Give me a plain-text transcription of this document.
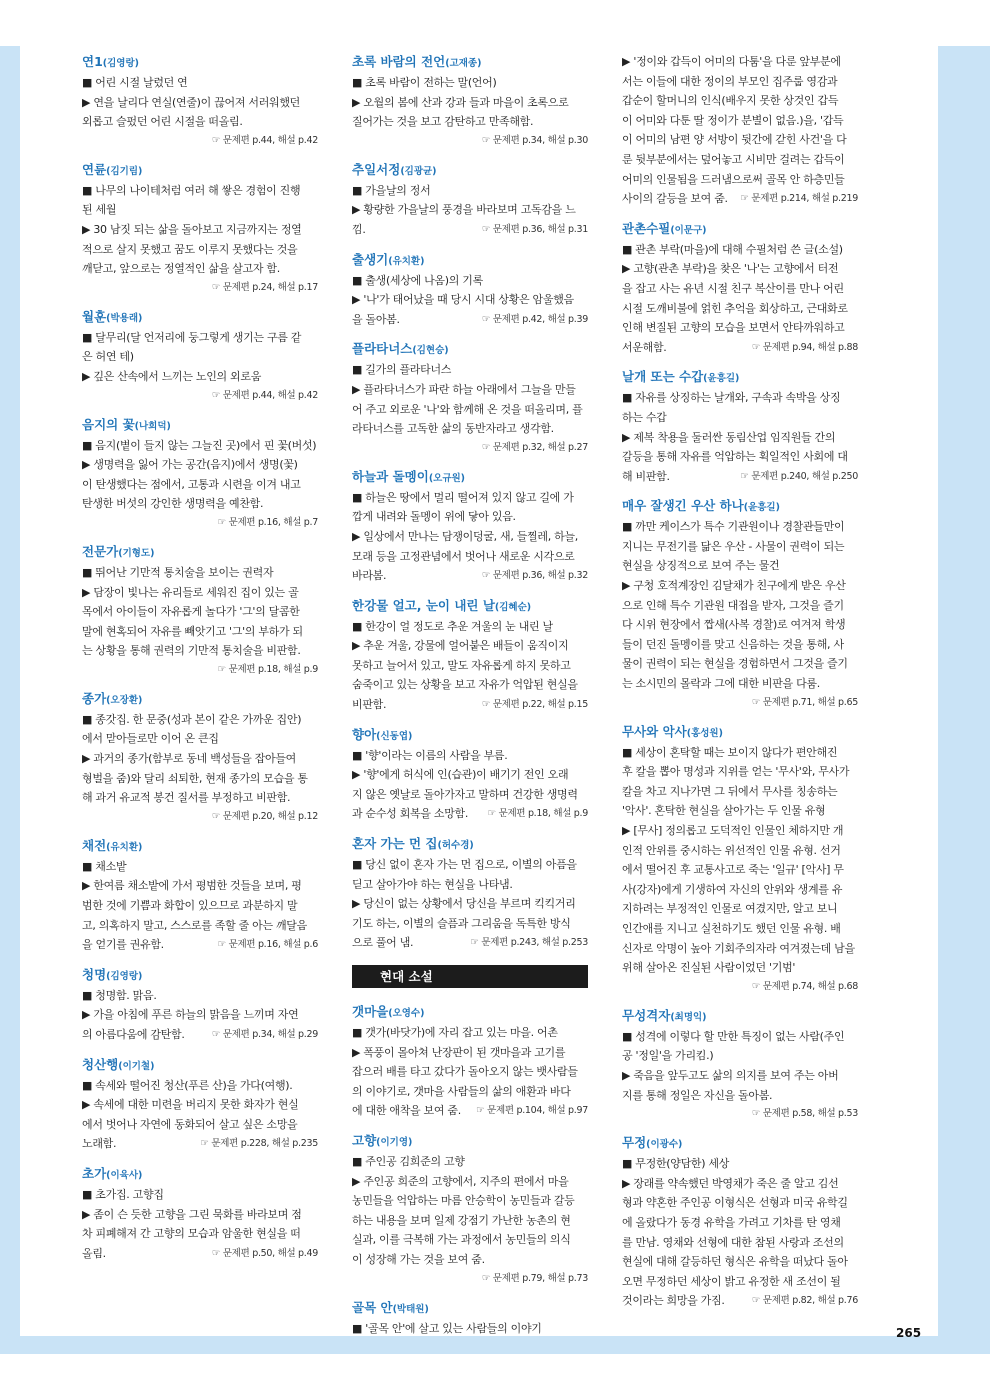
연1(김영랑)
■ 어린 시절 날렸던 연
▶ 연을 날리다 연실(연줄)이 끊어져 서러워했던
외롭고 슬펐던 어린 시절을 떠올림.
☞ 문제편 p.44, 해설 p.42
연륜(김기림)
■ 나무의 나이테처럼 여러 해 쌓은 경험이 진행
된 세월
▶ 30 남짓 되는 삶을 돌아보고 지금까지는 정열
적으로 살지 못했고 꿈도 이루지 못했다는 것을
깨닫고, 앞으로는 정열적인 삶을 살고자 함.
☞ 문제편 p.24, 해설 p.17
월훈(박용래)
■ 달무리(달 언저리에 둥그렇게 생기는 구름 같
은 허연 테)
▶ 깊은 산속에서 느끼는 노인의 외로움
☞ 문제편 p.44, 해설 p.42
음지의 꽃(나희덕)
■ 음지(볕이 들지 않는 그늘진 곳)에서 핀 꽃(버섯)
▶ 생명력을 잃어 가는 공간(음지)에서 생명(꽃)
이 탄생했다는 점에서, 고통과 시련을 이겨 내고
탄생한 버섯의 강인한 생명력을 예찬함.
☞ 문제편 p.16, 해설 p.7
전문가(기형도)
■ 뛰어난 기만적 통치술을 보이는 권력자
▶ 담장이 빛나는 유리들로 세워진 집이 있는 골
목에서 아이들이 자유롭게 놀다가 '그'의 달콤한
말에 현혹되어 자유를 빼앗기고 '그'의 부하가 되
는 상황을 통해 권력의 기만적 통치술을 비판함.
☞ 문제편 p.18, 해설 p.9
종가(오장환)
■ 종갓집. 한 문중(성과 본이 같은 가까운 집안)
에서 맏아들로만 이어 온 큰집
▶ 과거의 종가(함부로 동네 백성들을 잡아들여
형벌을 줌)와 달리 쇠퇴한, 현재 종가의 모습을 통
해 과거 유교적 봉건 질서를 부정하고 비판함.
☞ 문제편 p.20, 해설 p.12
채전(유치환)
■ 채소밭
▶ 한여름 채소밭에 가서 평범한 것들을 보며, 평
범한 것에 기쁨과 화합이 있으므로 과분하지 말
고, 의혹하지 말고, 스스로를 족할 줄 아는 깨달음
☞ 문제편 p.16, 해설 p.6
을 얻기를 권유함.
청명(김영랑)
■ 청명함. 맑음.
▶ 가을 아침에 푸른 하늘의 맑음을 느끼며 자연
☞ 문제편 p.34, 해설 p.29
의 아름다움에 감탄함.
청산행(이기철)
■ 속세와 떨어진 청산(푸른 산)을 가다(여행).
▶ 속세에 대한 미련을 버리지 못한 화자가 현실
에서 벗어나 자연에 동화되어 살고 싶은 소망을
☞ 문제편 p.228, 해설 p.235
노래함.
초가(이육사)
■ 초가집. 고향집
▶ 좀이 슨 듯한 고향을 그린 묵화를 바라보며 점
차 피폐해져 간 고향의 모습과 암울한 현실을 떠
☞ 문제편 p.50, 해설 p.49
올림.
초록 바람의 전언(고재종)
■ 초록 바람이 전하는 말(언어)
▶ 오월의 봄에 산과 강과 들과 마을이 초록으로
질어가는 것을 보고 감탄하고 만족해함.
☞ 문제편 p.34, 해설 p.30
추일서정(김광균)
■ 가을날의 정서
▶ 황량한 가을날의 풍경을 바라보며 고독감을 느
☞ 문제편 p.36, 해설 p.31
낌.
출생기(유치환)
■ 출생(세상에 나옴)의 기록
▶ '나'가 태어났을 때 당시 시대 상황은 암울했음
☞ 문제편 p.42, 해설 p.39
을 돌아봄.
플라타너스(김현승)
■ 길가의 플라타너스
▶ 플라타너스가 파란 하늘 아래에서 그늘을 만들
어 주고 외로운 '나'와 함께해 온 것을 떠올리며, 플
라타너스를 고독한 삶의 동반자라고 생각함.
☞ 문제편 p.32, 해설 p.27
하늘과 돌멩이(오규원)
■ 하늘은 땅에서 멀리 떨어져 있지 않고 길에 가
깝게 내려와 돌멩이 위에 닿아 있음.
▶ 일상에서 만나는 담쟁이덩굴, 새, 들찔레, 하늘,
모래 등을 고정관념에서 벗어나 새로운 시각으로
☞ 문제편 p.36, 해설 p.32
바라봄.
한강물 얼고, 눈이 내린 날(김혜순)
■ 한강이 얼 정도로 추운 겨울의 눈 내린 날
▶ 추운 겨울, 강물에 얼어붙은 배들이 움직이지
못하고 늘어서 있고, 말도 자유롭게 하지 못하고
숨죽이고 있는 상황을 보고 자유가 억압된 현실을
☞ 문제편 p.22, 해설 p.15
비판함.
향아(신동엽)
■ '향'이라는 이름의 사람을 부름.
▶ '향'에게 허식에 인(습관)이 배기기 전인 오래
지 않은 옛날로 돌아가자고 말하며 건강한 생명력
☞ 문제편 p.18, 해설 p.9
과 순수성 회복을 소망함.
혼자 가는 먼 집(허수경)
■ 당신 없이 혼자 가는 먼 집으로, 이별의 아픔을
딛고 살아가야 하는 현실을 나타냄.
▶ 당신이 없는 상황에서 당신을 부르며 킥킥거리
기도 하는, 이별의 슬픔과 그리움을 독특한 방식
☞ 문제편 p.243, 해설 p.253
으로 풀어 냄.
현대 소설
갯마을(오영수)
■ 갯가(바닷가)에 자리 잡고 있는 마을. 어촌
▶ 폭풍이 몰아쳐 난장판이 된 갯마을과 고기를
잡으러 배를 타고 갔다가 돌아오지 않는 뱃사람들
의 이야기로, 갯마을 사람들의 삶의 애환과 바다
☞ 문제편 p.104, 해설 p.97
에 대한 애착을 보여 줌.
고향(이기영)
■ 주인공 김희준의 고향
▶ 주인공 희준의 고향에서, 지주의 편에서 마을
농민들을 억압하는 마름 안승학이 농민들과 갈등
하는 내용을 보며 일제 강점기 가난한 농촌의 현
실과, 이를 극복해 가는 과정에서 농민들의 의식
이 성장해 가는 것을 보여 줌.
☞ 문제편 p.79, 해설 p.73
골목 안(박태원)
■ '골목 안'에 살고 있는 사람들의 이야기
▶ '정이와 갑득이 어미의 다툼'을 다룬 앞부분에
서는 이들에 대한 정이의 부모인 집주룹 영감과
갑순이 할머니의 인식(배우지 못한 상것인 갑득
이 어미와 다툰 딸 정이가 분별이 없음.)을, '갑득
이 어미의 남편 양 서방이 뒷간에 갇힌 사건'을 다
룬 뒷부분에서는 덮어놓고 시비만 걸려는 갑득이
어미의 인물됨을 드러냄으로써 골목 안 하층민들
☞ 문제편 p.214, 해설 p.219
사이의 갈등을 보여 줌.
관촌수필(이문구)
■ 관촌 부락(마을)에 대해 수필처럼 쓴 글(소설)
▶ 고향(관촌 부락)을 찾은 '나'는 고향에서 터전
을 잡고 사는 유년 시절 친구 복산이를 만나 어린
시절 도깨비불에 얽힌 추억을 회상하고, 근대화로
인해 변질된 고향의 모습을 보면서 안타까워하고
☞ 문제편 p.94, 해설 p.88
서운해함.
날개 또는 수갑(윤흥길)
■ 자유를 상징하는 날개와, 구속과 속박을 상징
하는 수갑
▶ 제복 착용을 둘러싼 동림산업 임직원들 간의
갈등을 통해 자유를 억압하는 획일적인 사회에 대
☞ 문제편 p.240, 해설 p.250
해 비판함.
매우 잘생긴 우산 하나(윤흥길)
■ 까만 케이스가 특수 기관원이나 경찰관들만이
지니는 무전기를 닮은 우산 - 사물이 권력이 되는
현실을 상징적으로 보여 주는 물건
▶ 구청 호적계장인 김달채가 친구에게 받은 우산
으로 인해 특수 기관원 대접을 받자, 그것을 즐기
다 시위 현장에서 짭새(사복 경찰)로 여겨져 학생
들이 던진 돌멩이를 맞고 신음하는 것을 통해, 사
물이 권력이 되는 현실을 경험하면서 그것을 즐기
는 소시민의 몰락과 그에 대한 비판을 다룸.
☞ 문제편 p.71, 해설 p.65
무사와 악사(홍성원)
■ 세상이 혼탁할 때는 보이지 않다가 편안해진
후 칼을 뽑아 명성과 지위를 얻는 '무사'와, 무사가
칼을 차고 지나가면 그 뒤에서 무사를 칭송하는
'악사'. 혼탁한 현실을 살아가는 두 인물 유형
▶ [무사] 정의롭고 도덕적인 인물인 체하지만 개
인적 안위를 중시하는 위선적인 인물 유형. 선거
에서 떨어진 후 교통사고로 죽는 '일규' [악사] 무
사(강자)에게 기생하여 자신의 안위와 생계를 유
지하려는 부정적인 인물로 여겼지만, 알고 보니
인간애를 지니고 실천하기도 했던 인물 유형. 배
신자로 악명이 높아 기회주의자라 여겨졌는데 남을
위해 살아온 진실된 사람이었던 '기범'
☞ 문제편 p.74, 해설 p.68
무성격자(최명익)
■ 성격에 이렇다 할 만한 특징이 없는 사람(주인
공 '정일'을 가리킴.)
▶ 죽음을 앞두고도 삶의 의지를 보여 주는 아버
지를 통해 정일은 자신을 돌아봄.
☞ 문제편 p.58, 해설 p.53
무정(이광수)
■ 무정한(양담한) 세상
▶ 장래를 약속했던 박영채가 죽은 줄 알고 김선
형과 약혼한 주인공 이형식은 선형과 미국 유학길
에 올랐다가 동경 유학을 가려고 기차를 탄 영채
를 만남. 영채와 선형에 대한 참된 사랑과 조선의
현실에 대해 갈등하던 형식은 유학을 떠났다 돌아
오면 무정하던 세상이 밝고 유정한 새 조선이 될
☞ 문제편 p.82, 해설 p.76
것이라는 희망을 가짐.
265
